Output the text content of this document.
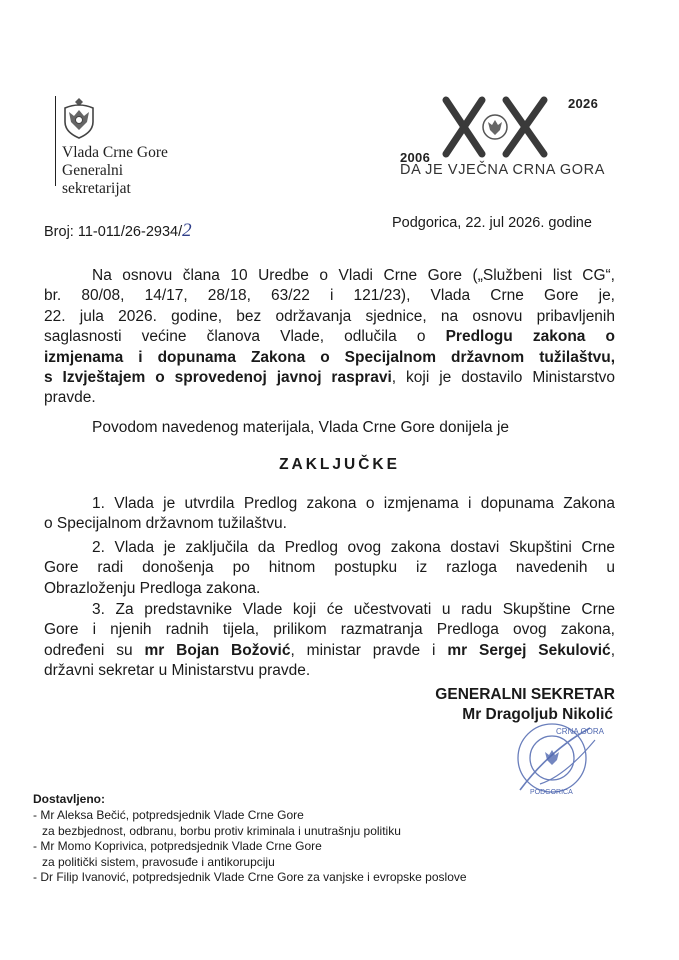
Vlada Crne Gore
Generalni
sekretarijat
2026
2006
DA JE VJEČNA CRNA GORA
Broj: 11-011/26-2934/2	Podgorica, 22. jul 2026. godine
Na osnovu člana 10 Uredbe o Vladi Crne Gore („Službeni list CG“,
br. 80/08, 14/17, 28/18, 63/22 i 121/23), Vlada Crne Gore je,
22. jula 2026. godine, bez održavanja sjednice, na osnovu pribavljenih
saglasnosti većine članova Vlade, odlučila o Predlogu zakona o
izmjenama i dopunama Zakona o Specijalnom državnom tužilaštvu,
s Izvještajem o sprovedenoj javnoj raspravi, koji je dostavilo Ministarstvo
pravde.
Povodom navedenog materijala, Vlada Crne Gore donijela je
ZAKLJUČKE
1. Vlada je utvrdila Predlog zakona o izmjenama i dopunama Zakona
o Specijalnom državnom tužilaštvu.
2. Vlada je zaključila da Predlog ovog zakona dostavi Skupštini Crne
Gore radi donošenja po hitnom postupku iz razloga navedenih u
Obrazloženju Predloga zakona.
3. Za predstavnike Vlade koji će učestvovati u radu Skupštine Crne
Gore i njenih radnih tijela, prilikom razmatranja Predloga ovog zakona,
određeni su mr Bojan Božović, ministar pravde i mr Sergej Sekulović,
državni sekretar u Ministarstvu pravde.
GENERALNI SEKRETAR
Mr Dragoljub Nikolić
CRNA GORA
PODGORICA
Dostavljeno:
- Mr Aleksa Bečić, potpredsjednik Vlade Crne Gore
za bezbjednost, odbranu, borbu protiv kriminala i unutrašnju politiku
- Mr Momo Koprivica, potpredsjednik Vlade Crne Gore
za politički sistem, pravosuđe i antikorupciju
- Dr Filip Ivanović, potpredsjednik Vlade Crne Gore za vanjske i evropske poslove
